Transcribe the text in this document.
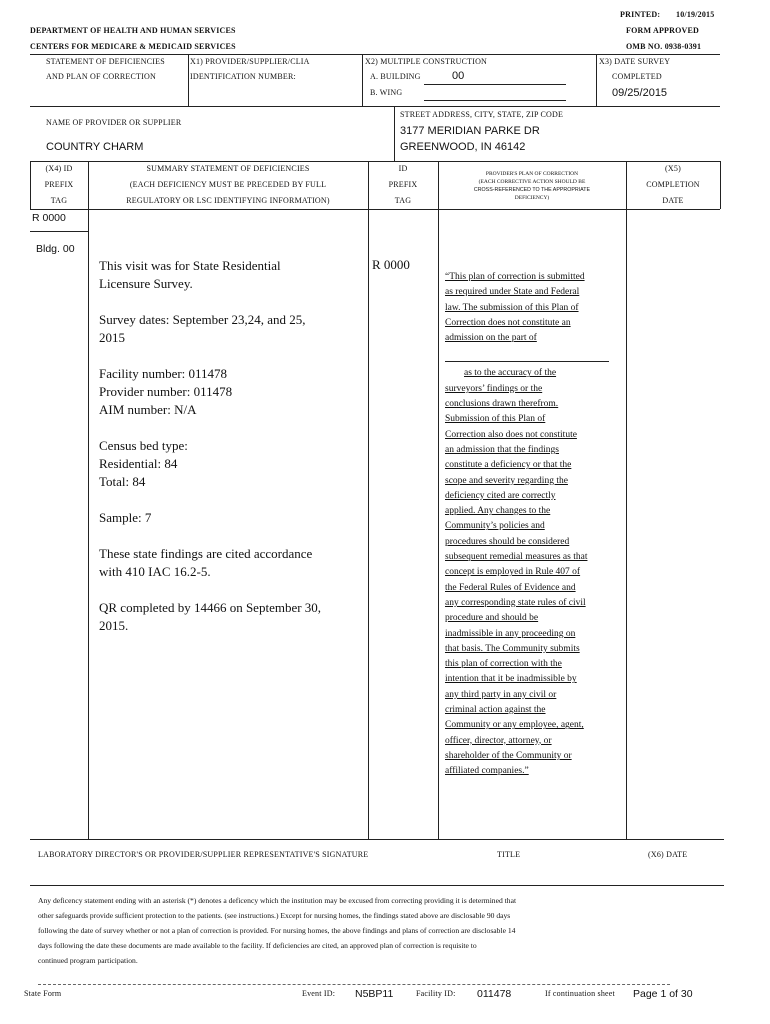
PRINTED: 10/19/2015
DEPARTMENT OF HEALTH AND HUMAN SERVICES	FORM APPROVED
CENTERS FOR MEDICARE & MEDICAID SERVICES	OMB NO. 0938-0391
STATEMENT OF DEFICIENCIES
AND PLAN OF CORRECTION
X1) PROVIDER/SUPPLIER/CLIA
IDENTIFICATION NUMBER:
X2) MULTIPLE CONSTRUCTION
A. BUILDING	00
B. WING
X3) DATE SURVEY
COMPLETED
09/25/2015
NAME OF PROVIDER OR SUPPLIER
COUNTRY CHARM
STREET ADDRESS, CITY, STATE, ZIP CODE
3177 MERIDIAN PARKE DR
GREENWOOD, IN 46142
(X4) ID
PREFIX
TAG
SUMMARY STATEMENT OF DEFICIENCIES
(EACH DEFICIENCY MUST BE PRECEDED BY FULL
REGULATORY OR LSC IDENTIFYING INFORMATION)
ID
PREFIX
TAG
PROVIDER'S PLAN OF CORRECTION
(EACH CORRECTIVE ACTION SHOULD BE
CROSS-REFERENCED TO THE APPROPRIATE
DEFICIENCY)
(X5)
COMPLETION
DATE
R 0000
Bldg. 00

This visit was for State Residential Licensure Survey.

Survey dates: September 23,24, and 25, 2015

Facility number: 011478

Provider number: 011478

AIM number: N/A

Census bed type:

Residential: 84

Total: 84

Sample: 7

These state findings are cited accordance with 410 IAC 16.2-5.

QR completed by 14466 on September 30, 2015.

R 0000
“This plan of correction is submitted
as required under State and Federal
law. The submission of this Plan of
Correction does not constitute an
admission on the part of
as to the accuracy of the
surveyors’ findings or the
conclusions drawn therefrom.
Submission of this Plan of
Correction also does not constitute
an admission that the findings
constitute a deficiency or that the
scope and severity regarding the
deficiency cited are correctly
applied. Any changes to the
Community’s policies and
procedures should be considered
subsequent remedial measures as that
concept is employed in Rule 407 of
the Federal Rules of Evidence and
any corresponding state rules of civil
procedure and should be
inadmissible in any proceeding on
that basis. The Community submits
this plan of correction with the
intention that it be inadmissible by
any third party in any civil or
criminal action against the
Community or any employee, agent,
officer, director, attorney, or
shareholder of the Community or
affiliated companies.”
LABORATORY DIRECTOR'S OR PROVIDER/SUPPLIER REPRESENTATIVE'S SIGNATURE	TITLE	(X6) DATE
Any deficency statement ending with an asterisk (*) denotes a deficency which the institution may be excused from correcting providing it is determined that
other safeguards provide sufficient protection to the patients. (see instructions.) Except for nursing homes, the findings stated above are disclosable 90 days
following the date of survey whether or not a plan of correction is provided. For nursing homes, the above findings and plans of correction are disclosable 14
days following the date these documents are made available to the facility. If deficiencies are cited, an approved plan of correction is requisite to
continued program participation.
State Form	Event ID: N5BP11	Facility ID: 011478	If continuation sheet Page 1 of 30
